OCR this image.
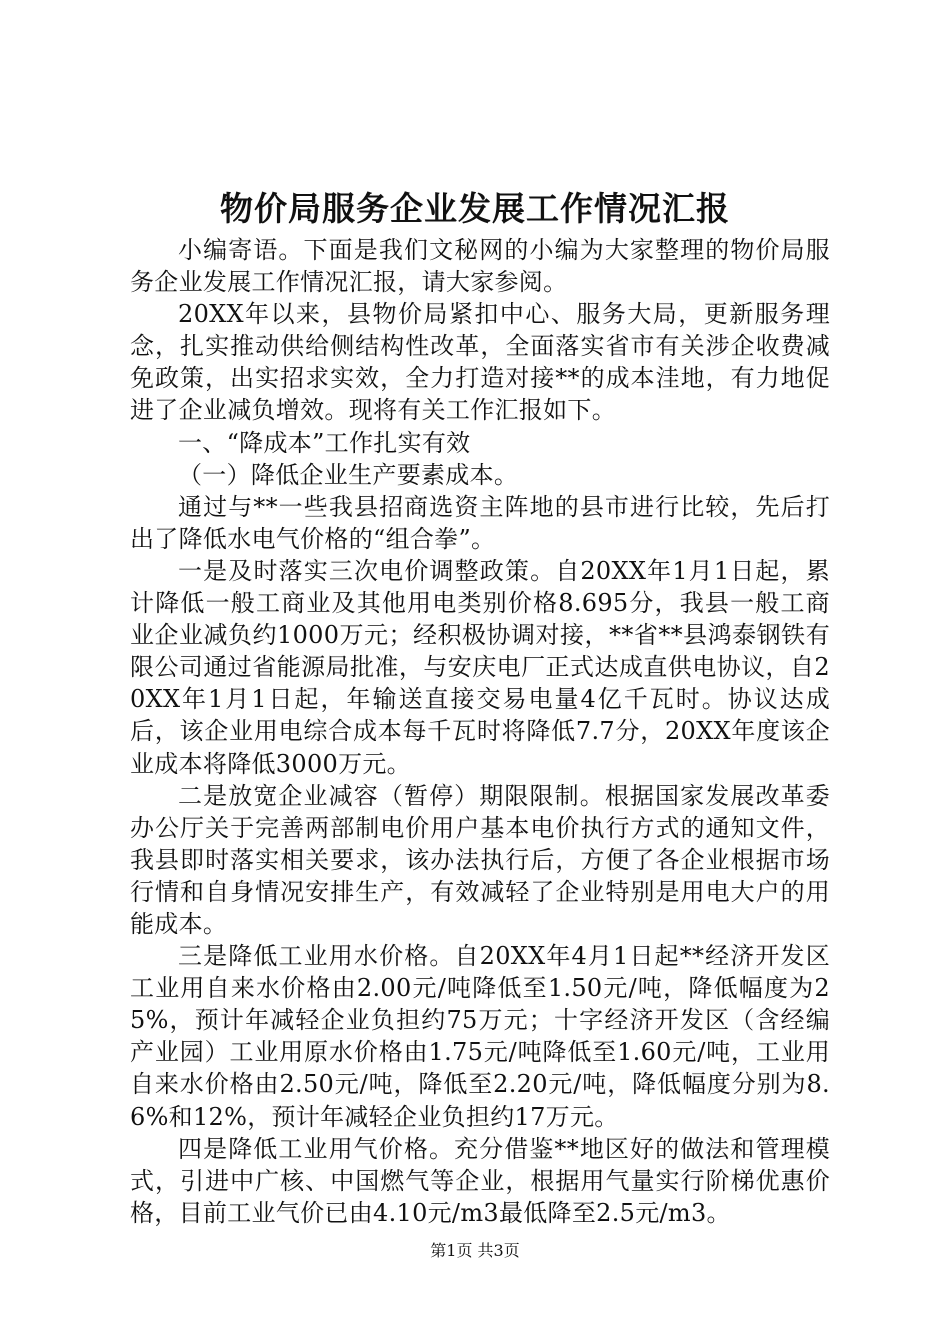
物价局服务企业发展工作情况汇报

小编寄语。下面是我们文秘网的小编为大家整理的物价局服务企业发展工作情况汇报，请大家参阅。

20XX年以来，县物价局紧扣中心、服务大局，更新服务理念，扎实推动供给侧结构性改革，全面落实省市有关涉企收费减免政策，出实招求实效，全力打造对接**的成本洼地，有力地促进了企业减负增效。现将有关工作汇报如下。

一、“降成本”工作扎实有效

（一）降低企业生产要素成本。

通过与**一些我县招商选资主阵地的县市进行比较，先后打出了降低水电气价格的“组合拳”。

一是及时落实三次电价调整政策。自20XX年1月1日起，累计降低一般工商业及其他用电类别价格8.695分，我县一般工商业企业减负约1000万元；经积极协调对接，**省**县鸿泰钢铁有限公司通过省能源局批准，与安庆电厂正式达成直供电协议，自20XX年1月1日起，年输送直接交易电量4亿千瓦时。协议达成后，该企业用电综合成本每千瓦时将降低7.7分，20XX年度该企业成本将降低3000万元。

二是放宽企业减容（暂停）期限限制。根据国家发展改革委办公厅关于完善两部制电价用户基本电价执行方式的通知文件，我县即时落实相关要求，该办法执行后，方便了各企业根据市场行情和自身情况安排生产，有效减轻了企业特别是用电大户的用能成本。

三是降低工业用水价格。自20XX年4月1日起**经济开发区工业用自来水价格由2.00元/吨降低至1.50元/吨，降低幅度为25%，预计年减轻企业负担约75万元；十字经济开发区（含经编产业园）工业用原水价格由1.75元/吨降低至1.60元/吨，工业用自来水价格由2.50元/吨，降低至2.20元/吨，降低幅度分别为8.6%和12%，预计年减轻企业负担约17万元。

四是降低工业用气价格。充分借鉴**地区好的做法和管理模式，引进中广核、中国燃气等企业，根据用气量实行阶梯优惠价格，目前工业气价已由4.10元/m3最低降至2.5元/m3。

第1页 共3页
